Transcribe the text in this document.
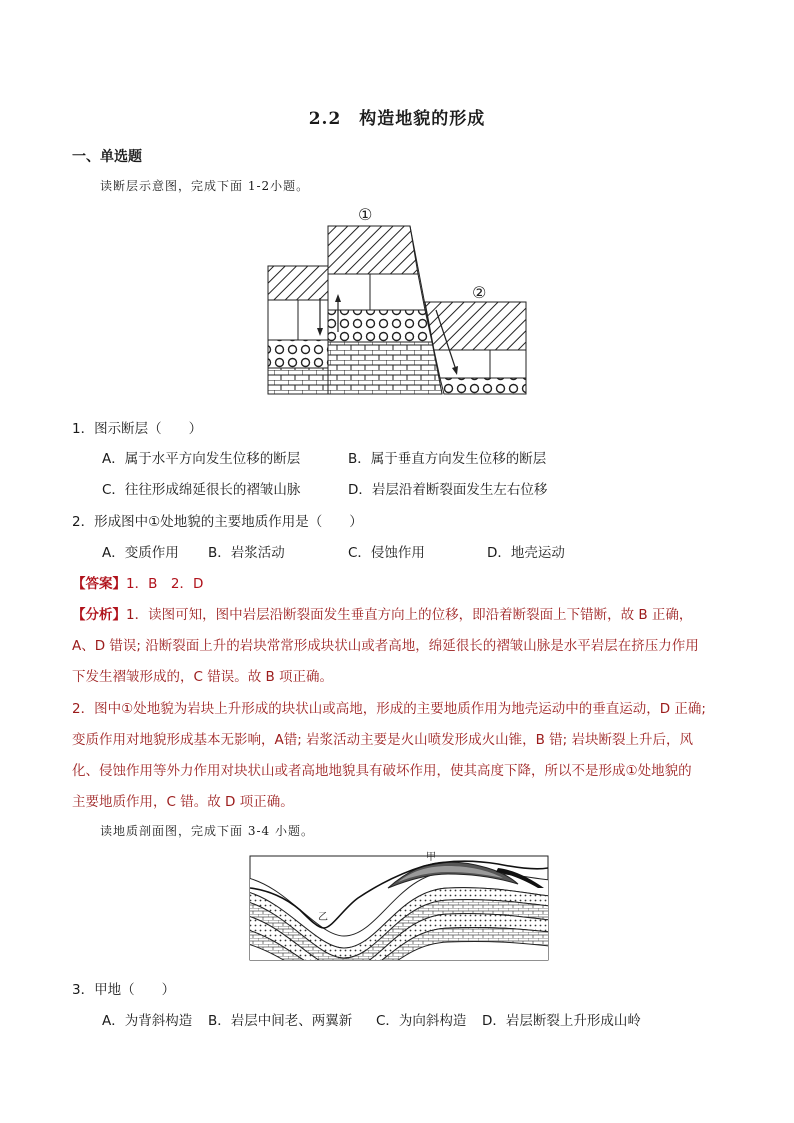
2.2　构造地貌的形成
一、单选题
读断层示意图，完成下面 1-2小题。
①
②
1．图示断层（　　）
A．属于水平方向发生位移的断层	B．属于垂直方向发生位移的断层
C．往往形成绵延很长的褶皱山脉	D．岩层沿着断裂面发生左右位移
2．形成图中①处地貌的主要地质作用是（　　）
A．变质作用 B．岩浆活动	C．侵蚀作用	D．地壳运动
【答案】1．B　2．D
【分析】1．读图可知，图中岩层沿断裂面发生垂直方向上的位移，即沿着断裂面上下错断，故 B 正确，
A、D 错误; 沿断裂面上升的岩块常常形成块状山或者高地，绵延很长的褶皱山脉是水平岩层在挤压力作用
下发生褶皱形成的，C 错误。故 B 项正确。
2．图中①处地貌为岩块上升形成的块状山或高地，形成的主要地质作用为地壳运动中的垂直运动，D 正确;
变质作用对地貌形成基本无影响，A错; 岩浆活动主要是火山喷发形成火山锥，B 错; 岩块断裂上升后，风
化、侵蚀作用等外力作用对块状山或者高地地貌具有破坏作用，使其高度下降，所以不是形成①处地貌的
主要地质作用，C 错。故 D 项正确。
读地质剖面图，完成下面 3-4 小题。
甲
乙
3．甲地（　　）
A．为背斜构造 B．岩层中间老、两翼新 C．为向斜构造 D．岩层断裂上升形成山岭
